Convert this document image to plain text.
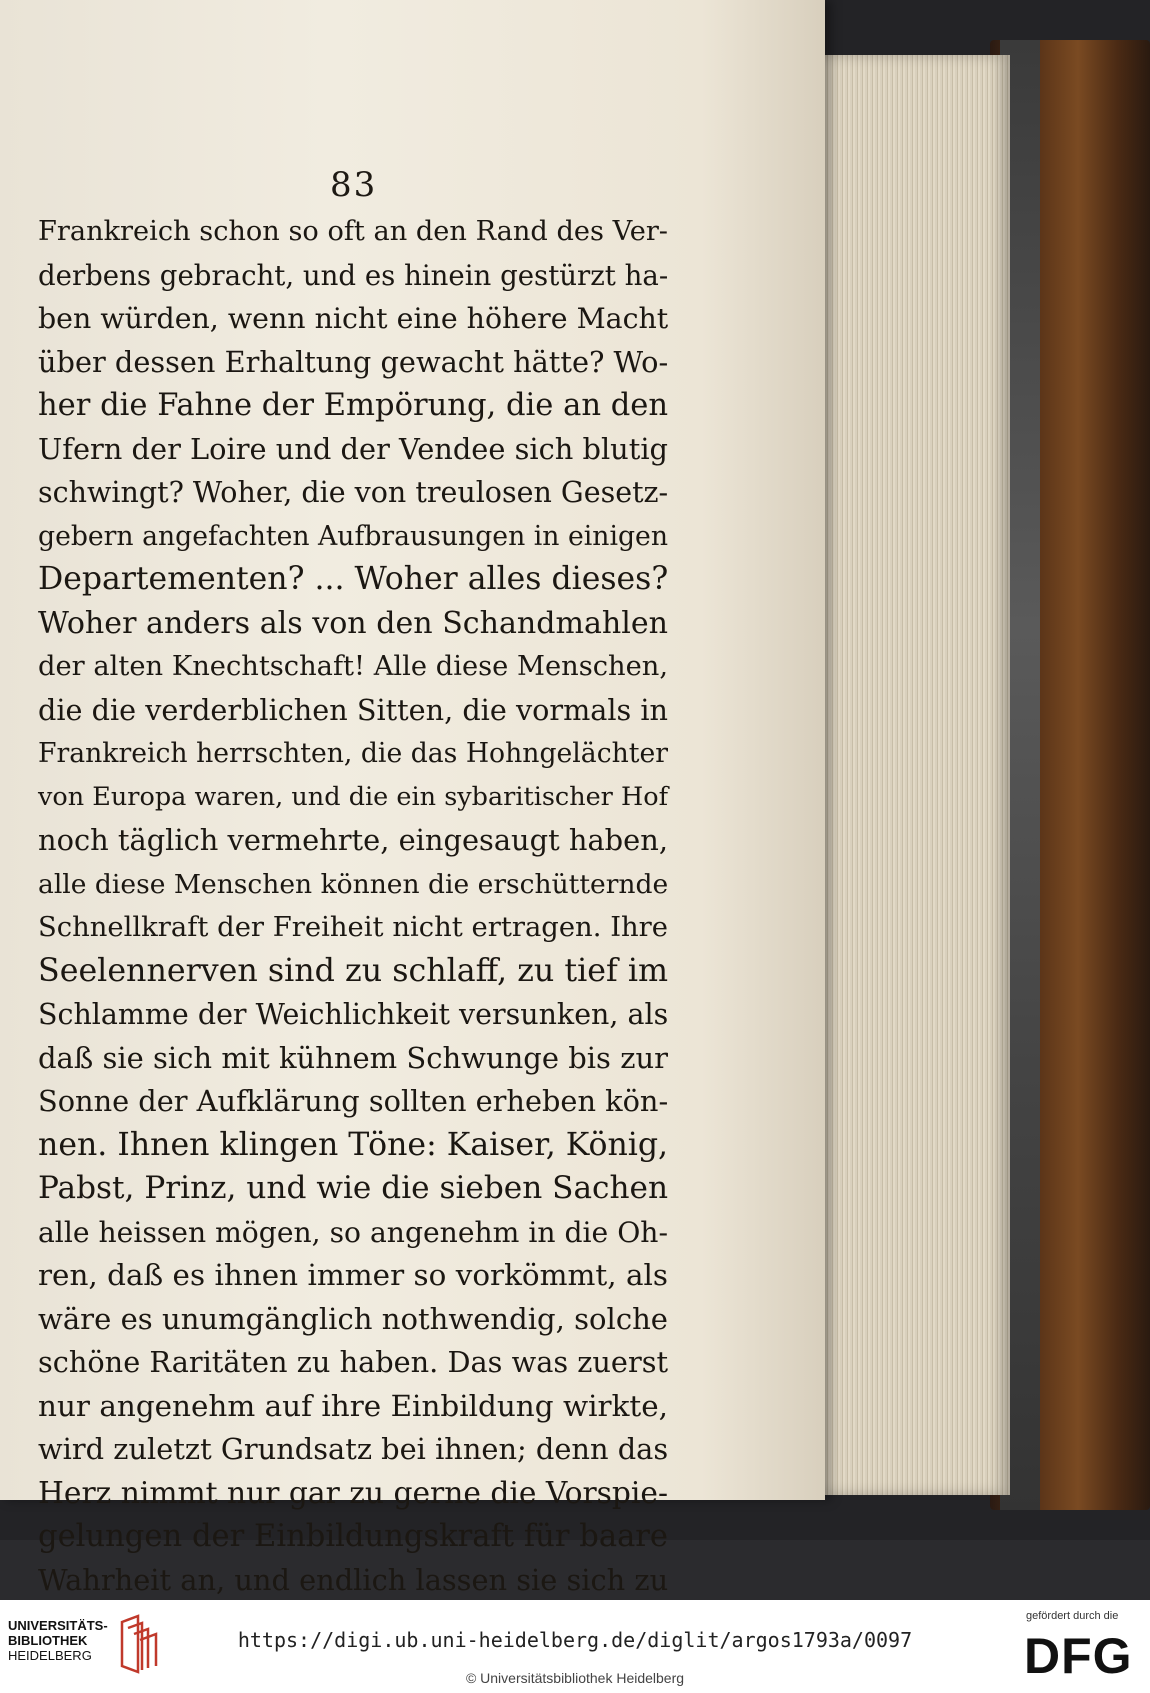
83
Frankreich schon so oft an den Rand des Ver-
derbens gebracht, und es hinein gestürzt ha-
ben würden, wenn nicht eine höhere Macht
über dessen Erhaltung gewacht hätte? Wo-
her die Fahne der Empörung, die an den
Ufern der Loire und der Vendee sich blutig
schwingt? Woher, die von treulosen Gesetz-
gebern angefachten Aufbrausungen in einigen
Departementen? ... Woher alles dieses?
Woher anders als von den Schandmahlen
der alten Knechtschaft! Alle diese Menschen,
die die verderblichen Sitten, die vormals in
Frankreich herrschten, die das Hohngelächter
von Europa waren, und die ein sybaritischer Hof
noch täglich vermehrte, eingesaugt haben,
alle diese Menschen können die erschütternde
Schnellkraft der Freiheit nicht ertragen. Ihre
Seelennerven sind zu schlaff, zu tief im
Schlamme der Weichlichkeit versunken, als
daß sie sich mit kühnem Schwunge bis zur
Sonne der Aufklärung sollten erheben kön-
nen. Ihnen klingen Töne: Kaiser, König,
Pabst, Prinz, und wie die sieben Sachen
alle heissen mögen, so angenehm in die Oh-
ren, daß es ihnen immer so vorkömmt, als
wäre es unumgänglich nothwendig, solche
schöne Raritäten zu haben. Das was zuerst
nur angenehm auf ihre Einbildung wirkte,
wird zuletzt Grundsatz bei ihnen; denn das
Herz nimmt nur gar zu gerne die Vorspie-
gelungen der Einbildungskraft für baare
Wahrheit an, und endlich lassen sie sich zu
UNIVERSITÄTS-
BIBLIOTHEK
HEIDELBERG
https://digi.ub.uni-heidelberg.de/diglit/argos1793a/0097
© Universitätsbibliothek Heidelberg
gefördert durch die
DFG
